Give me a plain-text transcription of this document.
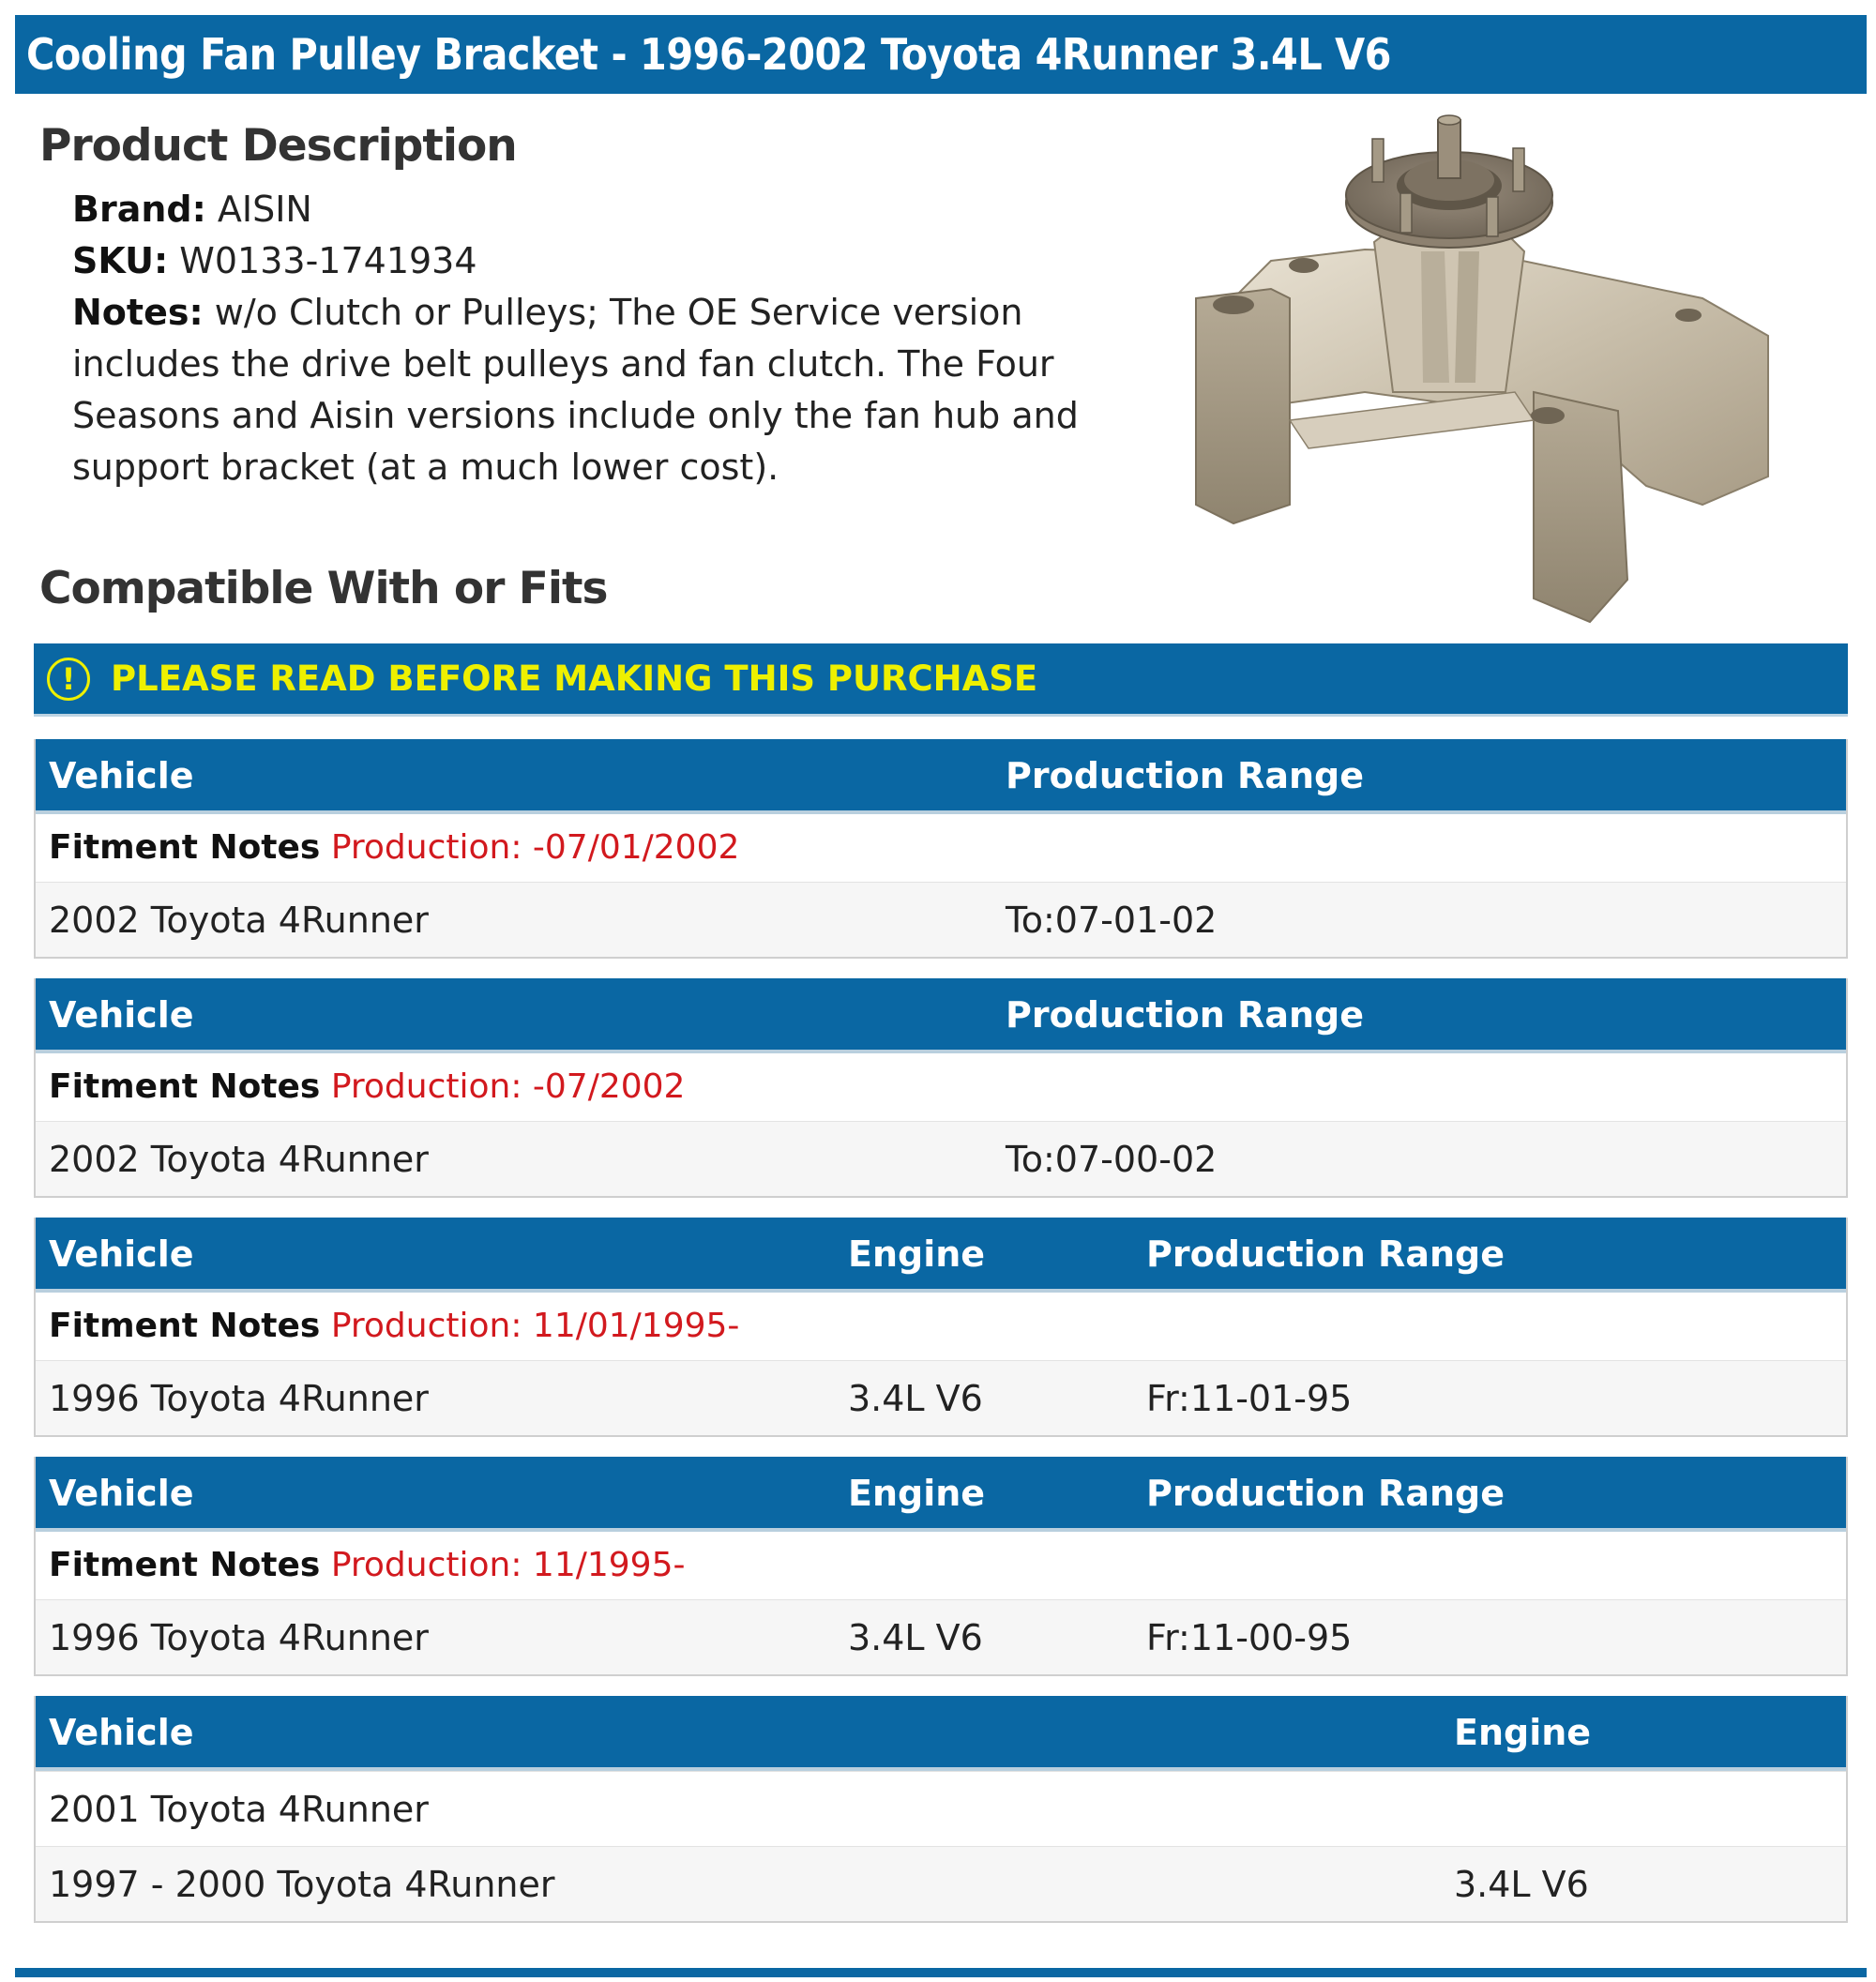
Cooling Fan Pulley Bracket - 1996-2002 Toyota 4Runner 3.4L V6
Product Description

Brand: AISIN

SKU: W0133-1741934

Notes: w/o Clutch or Pulleys; The OE Service version

includes the drive belt pulleys and fan clutch. The Four

Seasons and Aisin versions include only the fan hub and

support bracket (at a much lower cost).

Compatible With or Fits
!	PLEASE READ BEFORE MAKING THIS PURCHASE
Vehicle	Production Range
Fitment Notes Production: -07/01/2002
2002 Toyota 4Runner	To:07-01-02
Vehicle	Production Range
Fitment Notes Production: -07/2002
2002 Toyota 4Runner	To:07-00-02
Vehicle	Engine	Production Range
Fitment Notes Production: 11/01/1995-
1996 Toyota 4Runner	3.4L V6	Fr:11-01-95
Vehicle	Engine	Production Range
Fitment Notes Production: 11/1995-
1996 Toyota 4Runner	3.4L V6	Fr:11-00-95
Vehicle	Engine
2001 Toyota 4Runner
1997 - 2000 Toyota 4Runner	3.4L V6
